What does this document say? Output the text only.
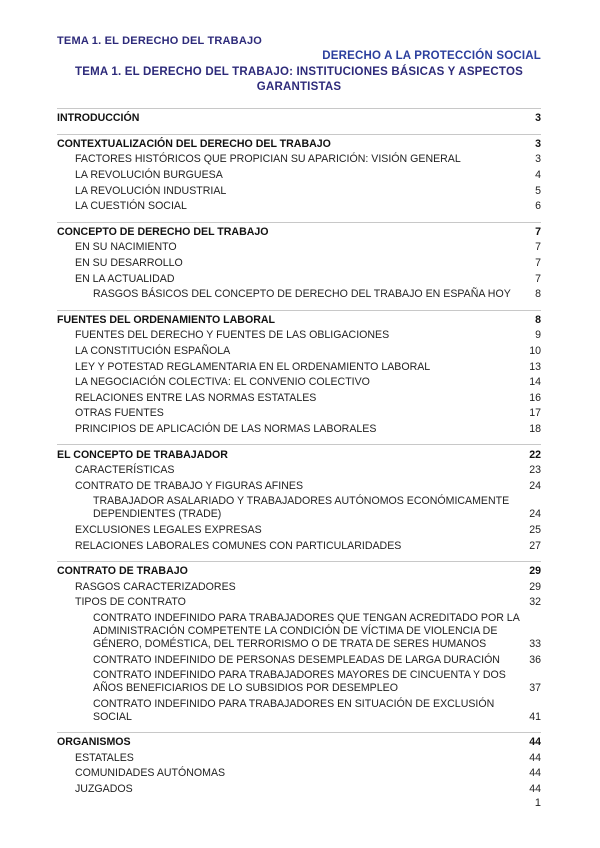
TEMA 1. EL DERECHO DEL TRABAJO
DERECHO A LA PROTECCIÓN SOCIAL
TEMA 1. EL DERECHO DEL TRABAJO: INSTITUCIONES BÁSICAS Y ASPECTOS GARANTISTAS
INTRODUCCIÓN	3
CONTEXTUALIZACIÓN DEL DERECHO DEL TRABAJO	3
FACTORES HISTÓRICOS QUE PROPICIAN SU APARICIÓN: VISIÓN GENERAL	3
LA REVOLUCIÓN BURGUESA	4
LA REVOLUCIÓN INDUSTRIAL	5
LA CUESTIÓN SOCIAL	6
CONCEPTO DE DERECHO DEL TRABAJO	7
EN SU NACIMIENTO	7
EN SU DESARROLLO	7
EN LA ACTUALIDAD	7
RASGOS BÁSICOS DEL CONCEPTO DE DERECHO DEL TRABAJO EN ESPAÑA HOY	8
FUENTES DEL ORDENAMIENTO LABORAL	8
FUENTES DEL DERECHO Y FUENTES DE LAS OBLIGACIONES	9
LA CONSTITUCIÓN ESPAÑOLA	10
LEY Y POTESTAD REGLAMENTARIA EN EL ORDENAMIENTO LABORAL	13
LA NEGOCIACIÓN COLECTIVA: EL CONVENIO COLECTIVO	14
RELACIONES ENTRE LAS NORMAS ESTATALES	16
OTRAS FUENTES	17
PRINCIPIOS DE APLICACIÓN DE LAS NORMAS LABORALES	18
EL CONCEPTO DE TRABAJADOR	22
CARACTERÍSTICAS	23
CONTRATO DE TRABAJO Y FIGURAS AFINES	24
TRABAJADOR ASALARIADO Y TRABAJADORES AUTÓNOMOS ECONÓMICAMENTE DEPENDIENTES (TRADE)	24
EXCLUSIONES LEGALES EXPRESAS	25
RELACIONES LABORALES COMUNES CON PARTICULARIDADES	27
CONTRATO DE TRABAJO	29
RASGOS CARACTERIZADORES	29
TIPOS DE CONTRATO	32
CONTRATO INDEFINIDO PARA TRABAJADORES QUE TENGAN ACREDITADO POR LA ADMINISTRACIÓN COMPETENTE LA CONDICIÓN DE VÍCTIMA DE VIOLENCIA DE GÉNERO, DOMÉSTICA, DEL TERRORISMO O DE TRATA DE SERES HUMANOS	33
CONTRATO INDEFINIDO DE PERSONAS DESEMPLEADAS DE LARGA DURACIÓN	36
CONTRATO INDEFINIDO PARA TRABAJADORES MAYORES DE CINCUENTA Y DOS AÑOS BENEFICIARIOS DE LO SUBSIDIOS POR DESEMPLEO	37
CONTRATO INDEFINIDO PARA TRABAJADORES EN SITUACIÓN DE EXCLUSIÓN SOCIAL	41
ORGANISMOS	44
ESTATALES	44
COMUNIDADES AUTÓNOMAS	44
JUZGADOS	44
1
